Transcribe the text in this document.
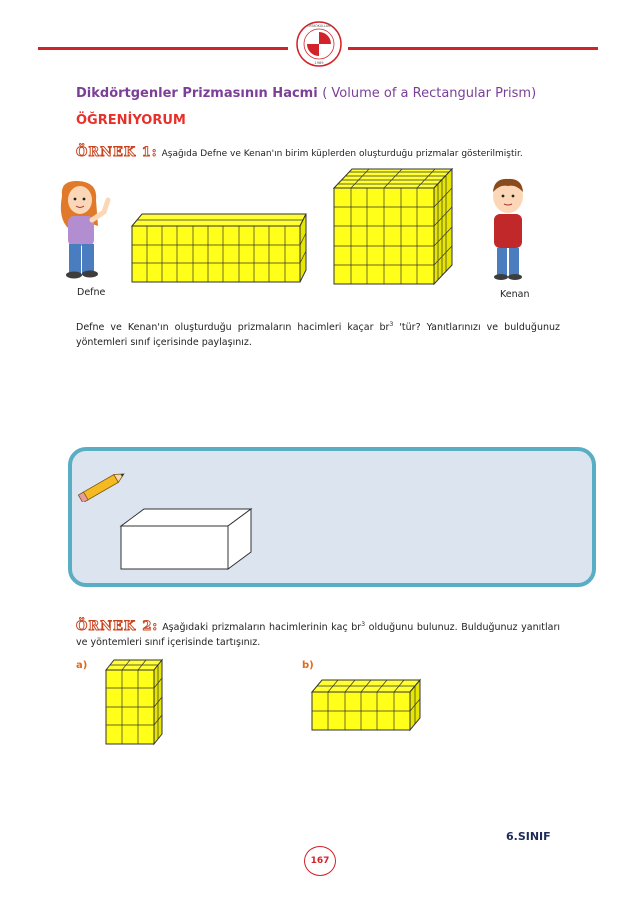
ORTAOKULLARI
1989
Dikdörtgenler Prizmasının Hacmi ( Volume of a Rectangular Prism)
ÖĞRENİYORUM
ÖRNEK 1: Aşağıda Defne ve Kenan'ın birim küplerden oluşturduğu prizmalar gösterilmiştir.
Defne	Kenan
Defne ve Kenan'ın oluşturduğu prizmaların hacimleri kaçar $br^3$ 'tür? Yanıtlarınızı ve bulduğunuz yöntemleri sınıf içerisinde paylaşınız.
ÖRNEK 2: Aşağıdaki prizmaların hacimlerinin kaç $br^3$ olduğunu bulunuz. Bulduğunuz yanıtları ve yöntemleri sınıf içerisinde tartışınız.
a)	b)
6.SINIF
167
